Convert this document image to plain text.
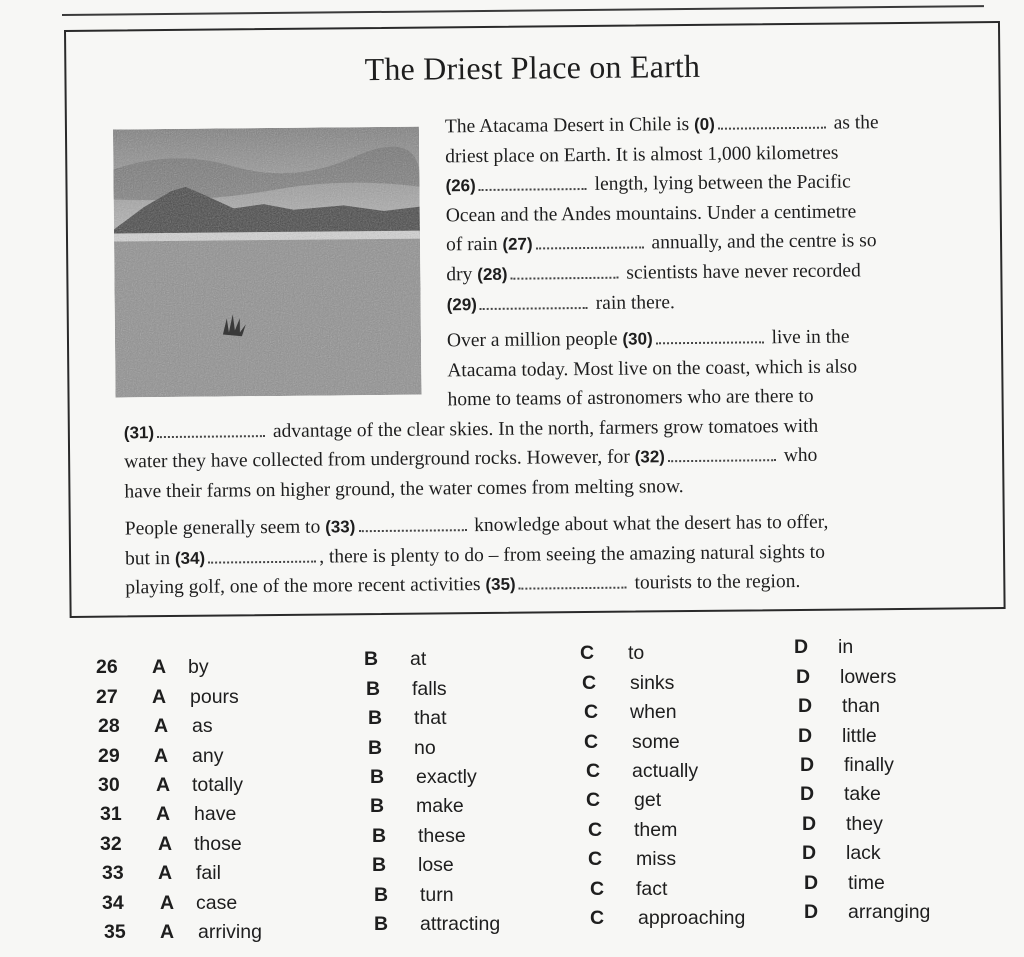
The Driest Place on Earth
The Atacama Desert in Chile is (0)	as the
driest place on Earth. It is almost 1,000 kilometres
(26)	length, lying between the Pacific
Ocean and the Andes mountains. Under a centimetre
of rain (27)	annually, and the centre is so
dry (28)	scientists have never recorded
(29)	rain there.
Over a million people (30)	live in the
Atacama today. Most live on the coast, which is also
home to teams of astronomers who are there to
(31)	advantage of the clear skies. In the north, farmers grow tomatoes with
water they have collected from underground rocks. However, for (32)	who
have their farms on higher ground, the water comes from melting snow.
People generally seem to (33)	knowledge about what the desert has to offer,
but in (34)	, there is plenty to do – from seeing the amazing natural sights to
playing golf, one of the more recent activities (35)	tourists to the region.
26 A by	B at	C to	D in
27 A pours	B falls	C sinks	D lowers
28 A as	B that	C when	D than
29 A any	B no	C some	D little
30 A totally	B exactly	C actually	D finally
31 A have	B make	C get	D take
32 A those	B these	C them	D they
33 A fail	B lose	C miss	D lack
34 A case	B turn	C fact	D time
35 A arriving	B attracting	C approaching	D arranging
